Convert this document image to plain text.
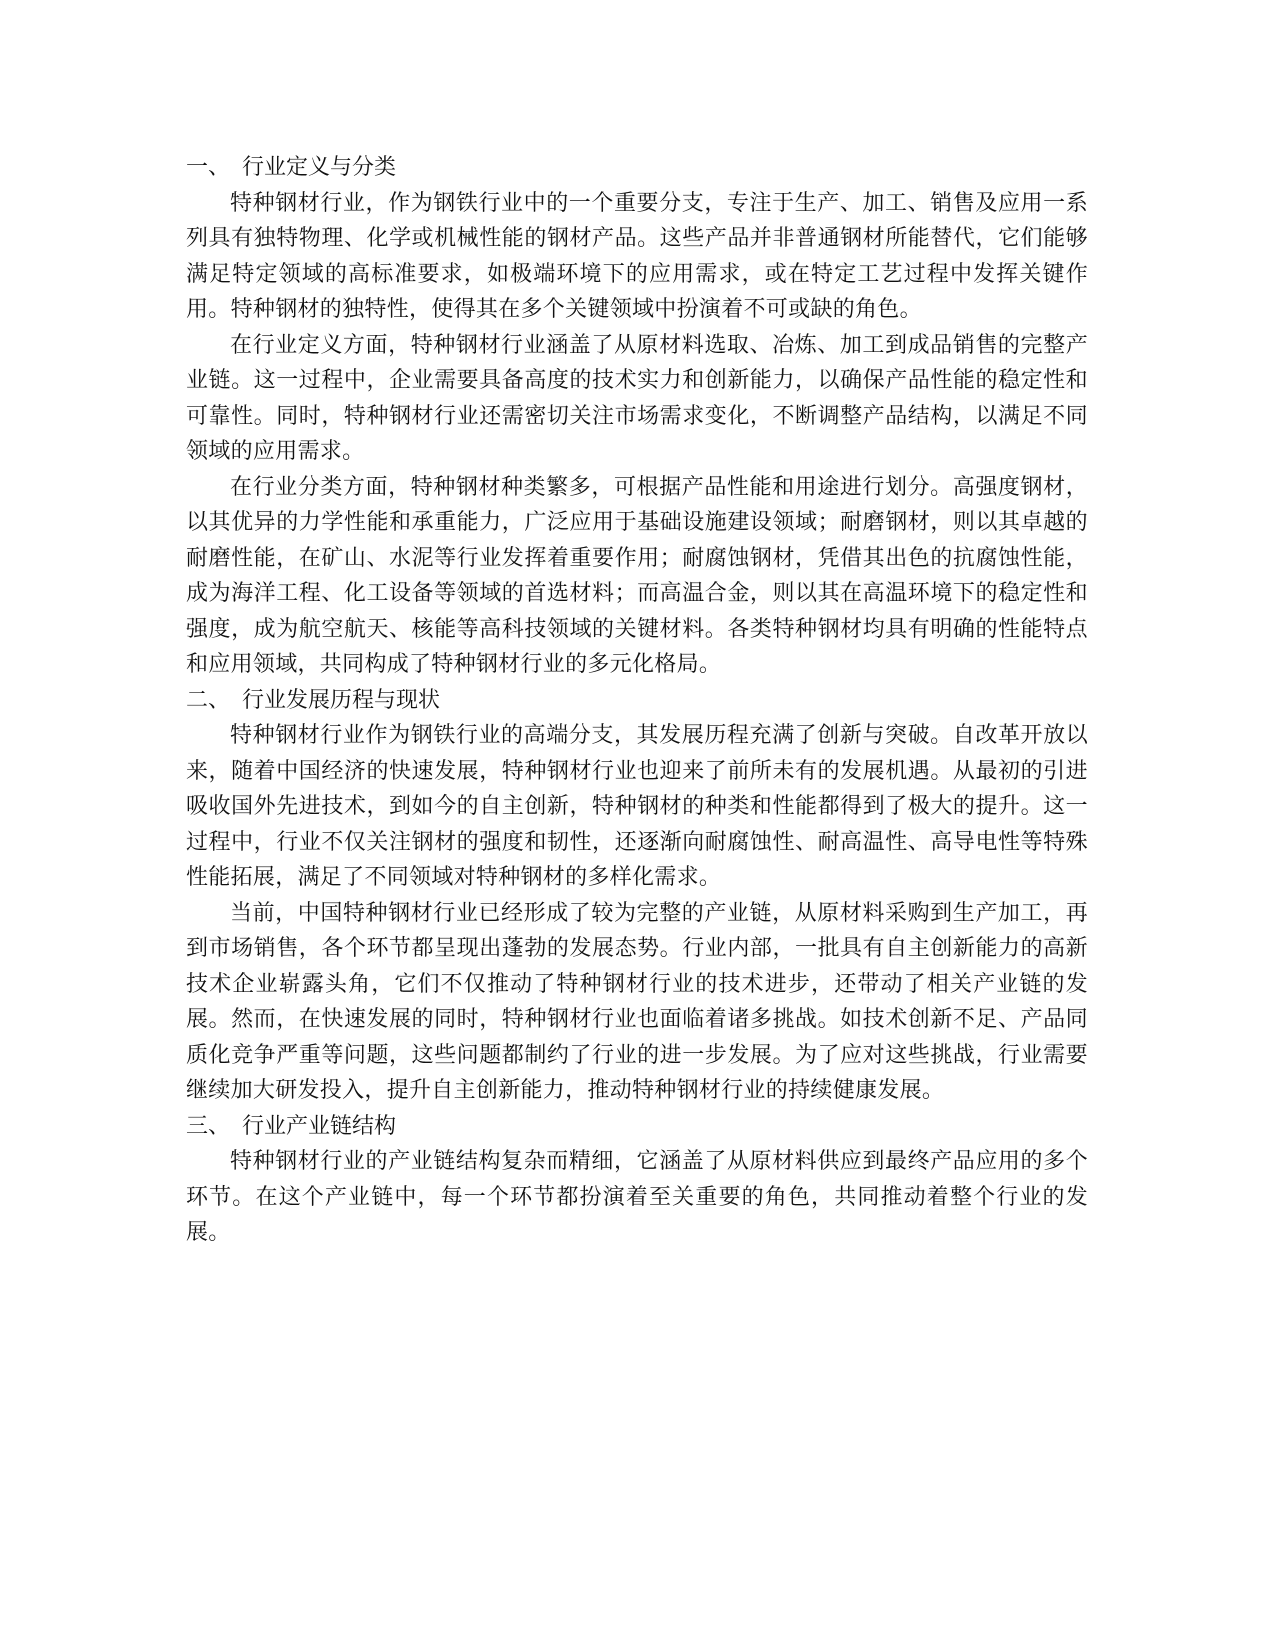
一、 行业定义与分类

特种钢材行业，作为钢铁行业中的一个重要分支，专注于生产、加工、销售及应用一系列具有独特物理、化学或机械性能的钢材产品。这些产品并非普通钢材所能替代，它们能够满足特定领域的高标准要求，如极端环境下的应用需求，或在特定工艺过程中发挥关键作用。特种钢材的独特性，使得其在多个关键领域中扮演着不可或缺的角色。

在行业定义方面，特种钢材行业涵盖了从原材料选取、冶炼、加工到成品销售的完整产业链。这一过程中，企业需要具备高度的技术实力和创新能力，以确保产品性能的稳定性和可靠性。同时，特种钢材行业还需密切关注市场需求变化，不断调整产品结构，以满足不同领域的应用需求。

在行业分类方面，特种钢材种类繁多，可根据产品性能和用途进行划分。高强度钢材，以其优异的力学性能和承重能力，广泛应用于基础设施建设领域；耐磨钢材，则以其卓越的耐磨性能，在矿山、水泥等行业发挥着重要作用；耐腐蚀钢材，凭借其出色的抗腐蚀性能，成为海洋工程、化工设备等领域的首选材料；而高温合金，则以其在高温环境下的稳定性和强度，成为航空航天、核能等高科技领域的关键材料。各类特种钢材均具有明确的性能特点和应用领域，共同构成了特种钢材行业的多元化格局。

二、 行业发展历程与现状

特种钢材行业作为钢铁行业的高端分支，其发展历程充满了创新与突破。自改革开放以来，随着中国经济的快速发展，特种钢材行业也迎来了前所未有的发展机遇。从最初的引进吸收国外先进技术，到如今的自主创新，特种钢材的种类和性能都得到了极大的提升。这一过程中，行业不仅关注钢材的强度和韧性，还逐渐向耐腐蚀性、耐高温性、高导电性等特殊性能拓展，满足了不同领域对特种钢材的多样化需求。

当前，中国特种钢材行业已经形成了较为完整的产业链，从原材料采购到生产加工，再到市场销售，各个环节都呈现出蓬勃的发展态势。行业内部，一批具有自主创新能力的高新技术企业崭露头角，它们不仅推动了特种钢材行业的技术进步，还带动了相关产业链的发展。然而，在快速发展的同时，特种钢材行业也面临着诸多挑战。如技术创新不足、产品同质化竞争严重等问题，这些问题都制约了行业的进一步发展。为了应对这些挑战，行业需要继续加大研发投入，提升自主创新能力，推动特种钢材行业的持续健康发展。

三、 行业产业链结构

特种钢材行业的产业链结构复杂而精细，它涵盖了从原材料供应到最终产品应用的多个环节。在这个产业链中，每一个环节都扮演着至关重要的角色，共同推动着整个行业的发展。
